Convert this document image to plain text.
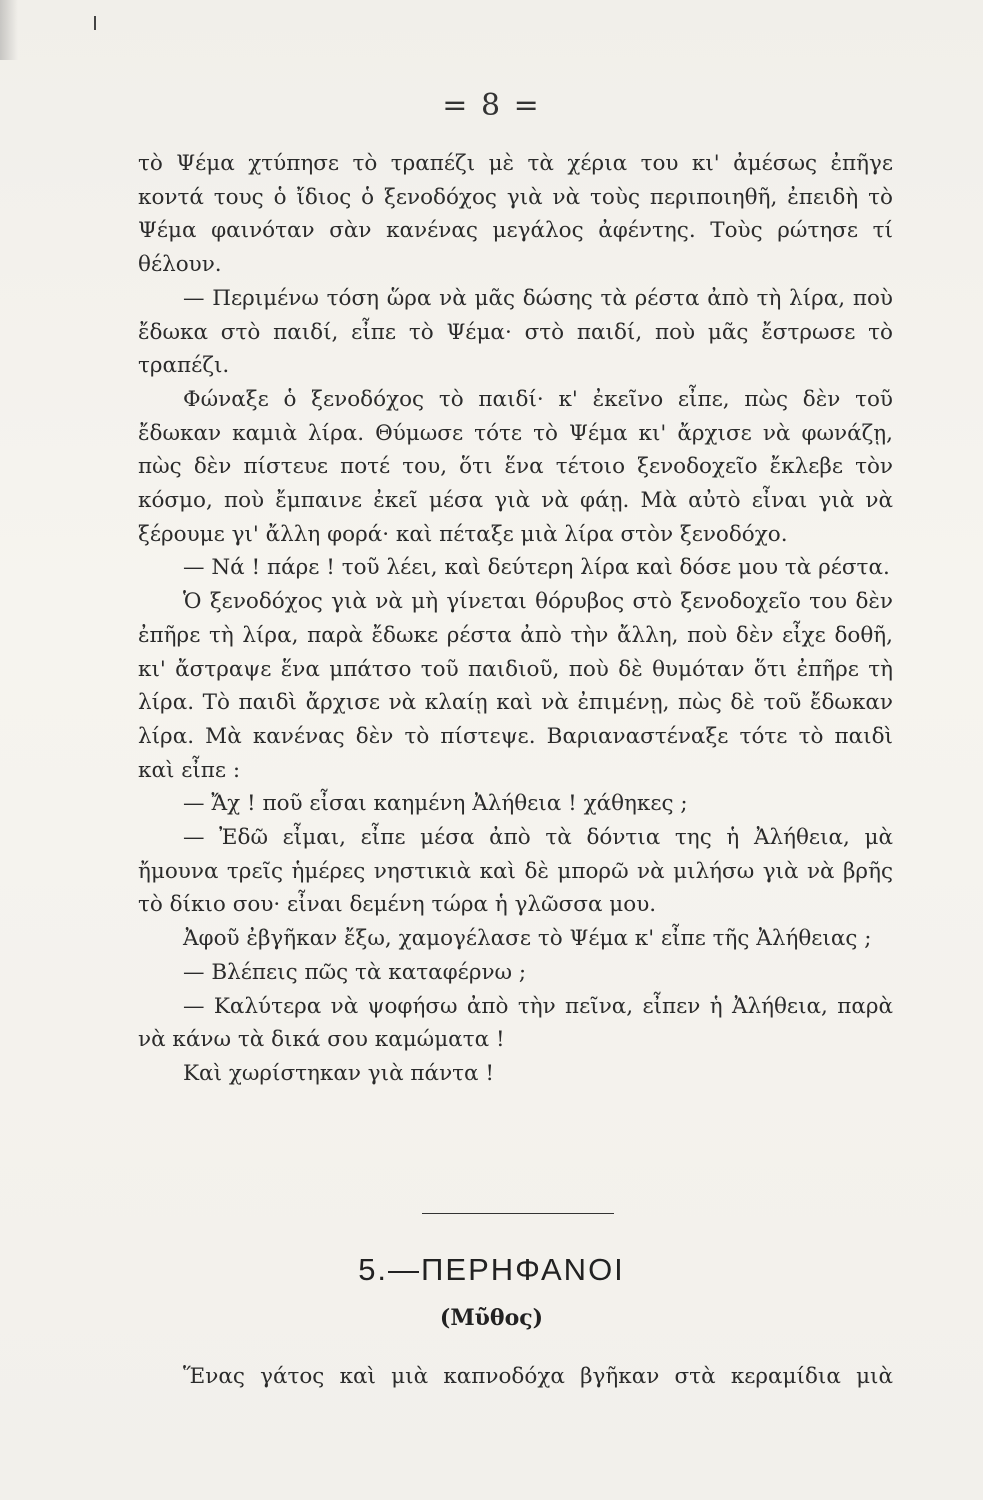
= 8 =

τὸ Ψέμα χτύπησε τὸ τραπέζι μὲ τὰ χέρια του κι' ἀμέσως ἐπῆγε κοντά τους ὁ ἴδιος ὁ ξενοδόχος γιὰ νὰ τοὺς περιποιηθῆ, ἐπειδὴ τὸ Ψέμα φαινόταν σὰν κανένας μεγάλος ἀφέντης. Τοὺς ρώτησε τί θέλουν.

— Περιμένω τόση ὥρα νὰ μᾶς δώσης τὰ ρέστα ἀπὸ τὴ λίρα, ποὺ ἔδωκα στὸ παιδί, εἶπε τὸ Ψέμα· στὸ παιδί, ποὺ μᾶς ἔστρωσε τὸ τραπέζι.

Φώναξε ὁ ξενοδόχος τὸ παιδί· κ' ἐκεῖνο εἶπε, πὼς δὲν τοῦ ἔδωκαν καμιὰ λίρα. Θύμωσε τότε τὸ Ψέμα κι' ἄρχισε νὰ φωνάζῃ, πὼς δὲν πίστευε ποτέ του, ὅτι ἕνα τέτοιο ξενοδοχεῖο ἔκλεβε τὸν κόσμο, ποὺ ἔμπαινε ἐκεῖ μέσα γιὰ νὰ φάῃ. Μὰ αὐτὸ εἶναι γιὰ νὰ ξέρουμε γι' ἄλλη φορά· καὶ πέταξε μιὰ λίρα στὸν ξενοδόχο.

— Νά ! πάρε ! τοῦ λέει, καὶ δεύτερη λίρα καὶ δόσε μου τὰ ρέστα.

Ὁ ξενοδόχος γιὰ νὰ μὴ γίνεται θόρυβος στὸ ξενοδοχεῖο του δὲν ἐπῆρε τὴ λίρα, παρὰ ἔδωκε ρέστα ἀπὸ τὴν ἄλλη, ποὺ δὲν εἶχε δοθῆ, κι' ἄστραψε ἕνα μπάτσο τοῦ παιδιοῦ, ποὺ δὲ θυμόταν ὅτι ἐπῆρε τὴ λίρα. Τὸ παιδὶ ἄρχισε νὰ κλαίῃ καὶ νὰ ἐπιμένῃ, πὼς δὲ τοῦ ἔδωκαν λίρα. Μὰ κανένας δὲν τὸ πίστεψε. Βαριαναστέναξε τότε τὸ παιδὶ καὶ εἶπε :

— Ἄχ ! ποῦ εἶσαι καημένη Ἀλήθεια ! χάθηκες ;

— Ἐδῶ εἶμαι, εἶπε μέσα ἀπὸ τὰ δόντια της ἡ Ἀλήθεια, μὰ ἤμουνα τρεῖς ἡμέρες νηστικιὰ καὶ δὲ μπορῶ νὰ μιλήσω γιὰ νὰ βρῆς τὸ δίκιο σου· εἶναι δεμένη τώρα ἡ γλῶσσα μου.

Ἀφοῦ ἐβγῆκαν ἔξω, χαμογέλασε τὸ Ψέμα κ' εἶπε τῆς Ἀλήθειας ;

— Βλέπεις πῶς τὰ καταφέρνω ;

— Καλύτερα νὰ ψοφήσω ἀπὸ τὴν πεῖνα, εἶπεν ἡ Ἀλήθεια, παρὰ νὰ κάνω τὰ δικά σου καμώματα !

Καὶ χωρίστηκαν γιὰ πάντα !

5.—ΠΕΡΗΦΑΝΟΙ
(Μῦθος)

Ἕνας γάτος καὶ μιὰ καπνοδόχα βγῆκαν στὰ κεραμίδια μιὰ
